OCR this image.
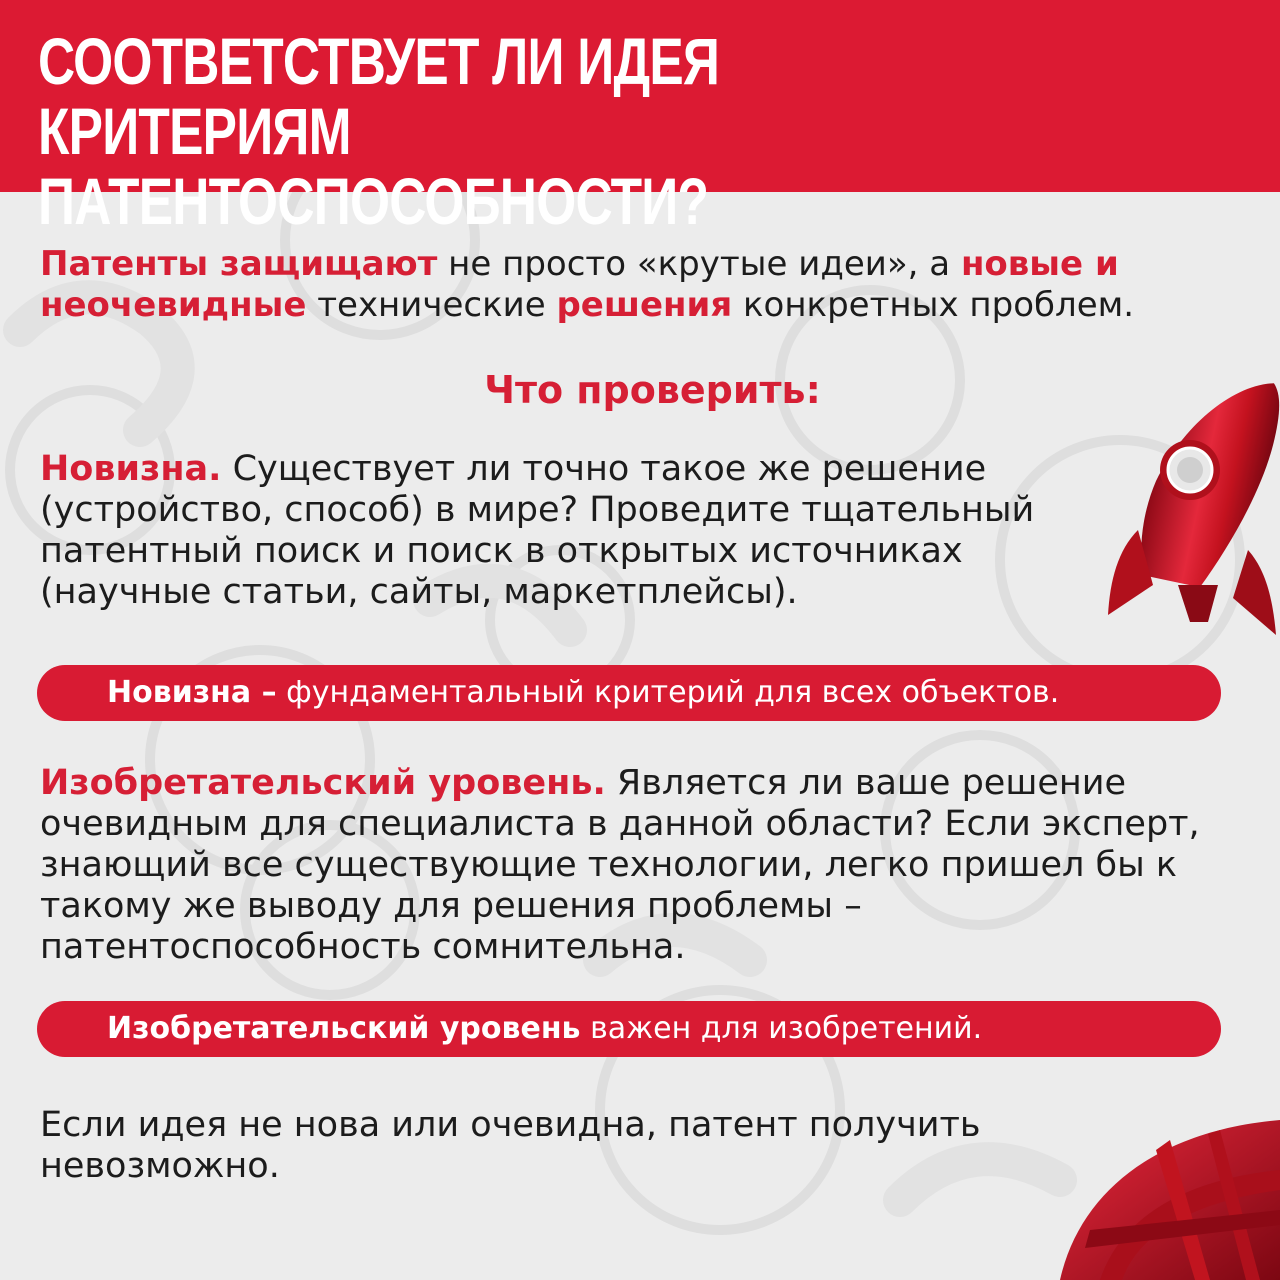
СООТВЕТСТВУЕТ ЛИ ИДЕЯ КРИТЕРИЯМ
ПАТЕНТОСПОСОБНОСТИ?

Патенты защищают не просто «крутые идеи», а новые и неочевидные технические решения конкретных проблем.

Что проверить:

Новизна. Существует ли точно такое же решение (устройство, способ) в мире? Проведите тщательный патентный поиск и поиск в открытых источниках (научные статьи, сайты, маркетплейсы).

Новизна – фундаментальный критерий для всех объектов.

Изобретательский уровень. Является ли ваше решение очевидным для специалиста в данной области? Если эксперт, знающий все существующие технологии, легко пришел бы к такому же выводу для решения проблемы – патентоспособность сомнительна.

Изобретательский уровень важен для изобретений.

Если идея не нова или очевидна, патент получить невозможно.
